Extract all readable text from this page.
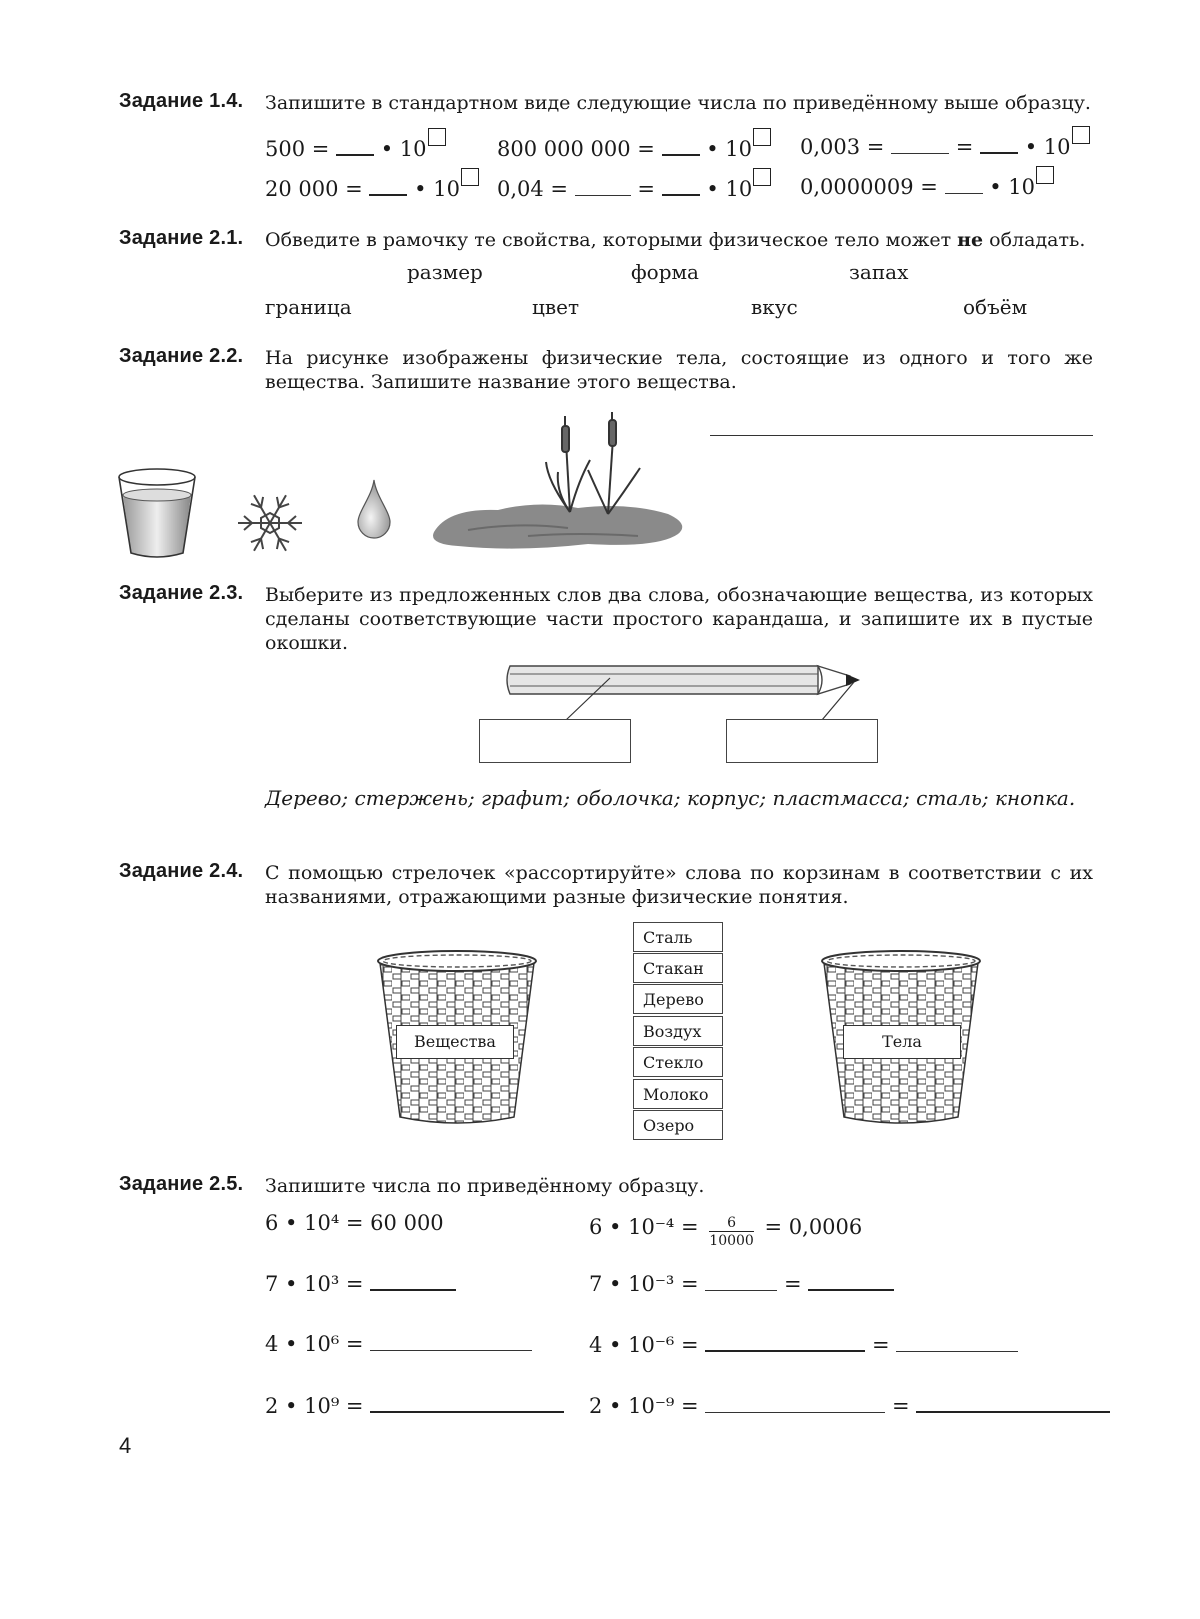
Задание 1.4. Запишите в стандартном виде следующие числа по приведённому выше образцу.
500 = • 10	800 000 000 = • 10	0,003 =	= • 10
20 000 = • 10	0,04 =	= • 10	0,0000009 = • 10
Задание 2.1. Обведите в рамочку те свойства, которыми физическое тело может не обладать.
размер	форма	запах
граница	цвет	вкус	объём
Задание 2.2. На рисунке изображены физические тела, состоящие из одного и того же вещества. Запишите название этого вещества.
Задание 2.3. Выберите из предложенных слов два слова, обозначающие вещества, из которых сделаны соответствующие части простого карандаша, и запишите их в пустые окошки.
Дерево; стержень; графит; оболочка; корпус; пластмасса; сталь; кнопка.
Задание 2.4. С помощью стрелочек «рассортируйте» слова по корзинам в соответствии с их названиями, отражающими разные физические понятия.
Вещества	Тела
Сталь
Стакан
Дерево
Воздух
Стекло
Молоко
Озеро
Задание 2.5. Запишите числа по приведённому образцу.
6 • 10⁴ = 60 000	6 • $10^{-4} = \frac{6}{10000} = 0,0006$
7 • 10³ =	7 • 10⁻³ =	=
4 • 10⁶ =	4 • 10⁻⁶ =	=
2 • 10⁹ =	2 • 10⁻⁹ =	=
4
